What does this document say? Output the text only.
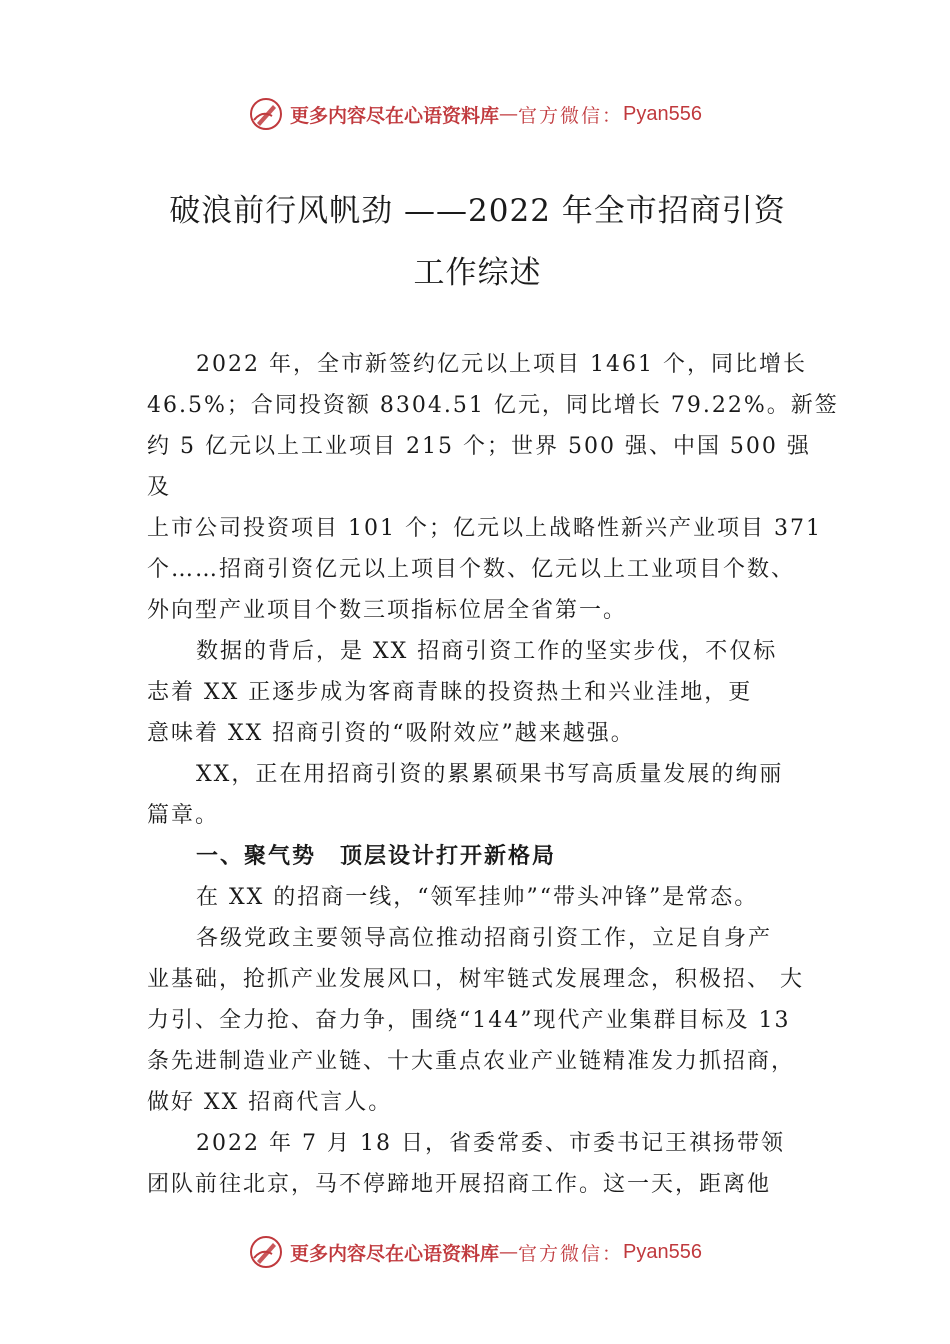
更多内容尽在心语资料库 — 官方微信： Pyan556
破浪前行风帆劲 ——2022 年全市招商引资
工作综述

2022 年，全市新签约亿元以上项目 1461 个，同比增长

46.5%；合同投资额 8304.51 亿元，同比增长 79.22%。新签

约 5 亿元以上工业项目 215 个；世界 500 强、中国 500 强

及

上市公司投资项目 101 个；亿元以上战略性新兴产业项目 371

个……招商引资亿元以上项目个数、亿元以上工业项目个数、

外向型产业项目个数三项指标位居全省第一。

数据的背后，是 XX 招商引资工作的坚实步伐，不仅标

志着 XX 正逐步成为客商青睐的投资热土和兴业洼地，更

意味着 XX 招商引资的“吸附效应”越来越强。

XX，正在用招商引资的累累硕果书写高质量发展的绚丽

篇章。

一、聚气势　顶层设计打开新格局

在 XX 的招商一线，“领军挂帅”“带头冲锋”是常态。

各级党政主要领导高位推动招商引资工作，立足自身产

业基础，抢抓产业发展风口，树牢链式发展理念，积极招、 大

力引、全力抢、奋力争，围绕“144”现代产业集群目标及 13

条先进制造业产业链、十大重点农业产业链精准发力抓招商，

做好 XX 招商代言人。

2022 年 7 月 18 日，省委常委、市委书记王祺扬带领

团队前往北京，马不停蹄地开展招商工作。这一天，距离他

更多内容尽在心语资料库 — 官方微信： Pyan556
